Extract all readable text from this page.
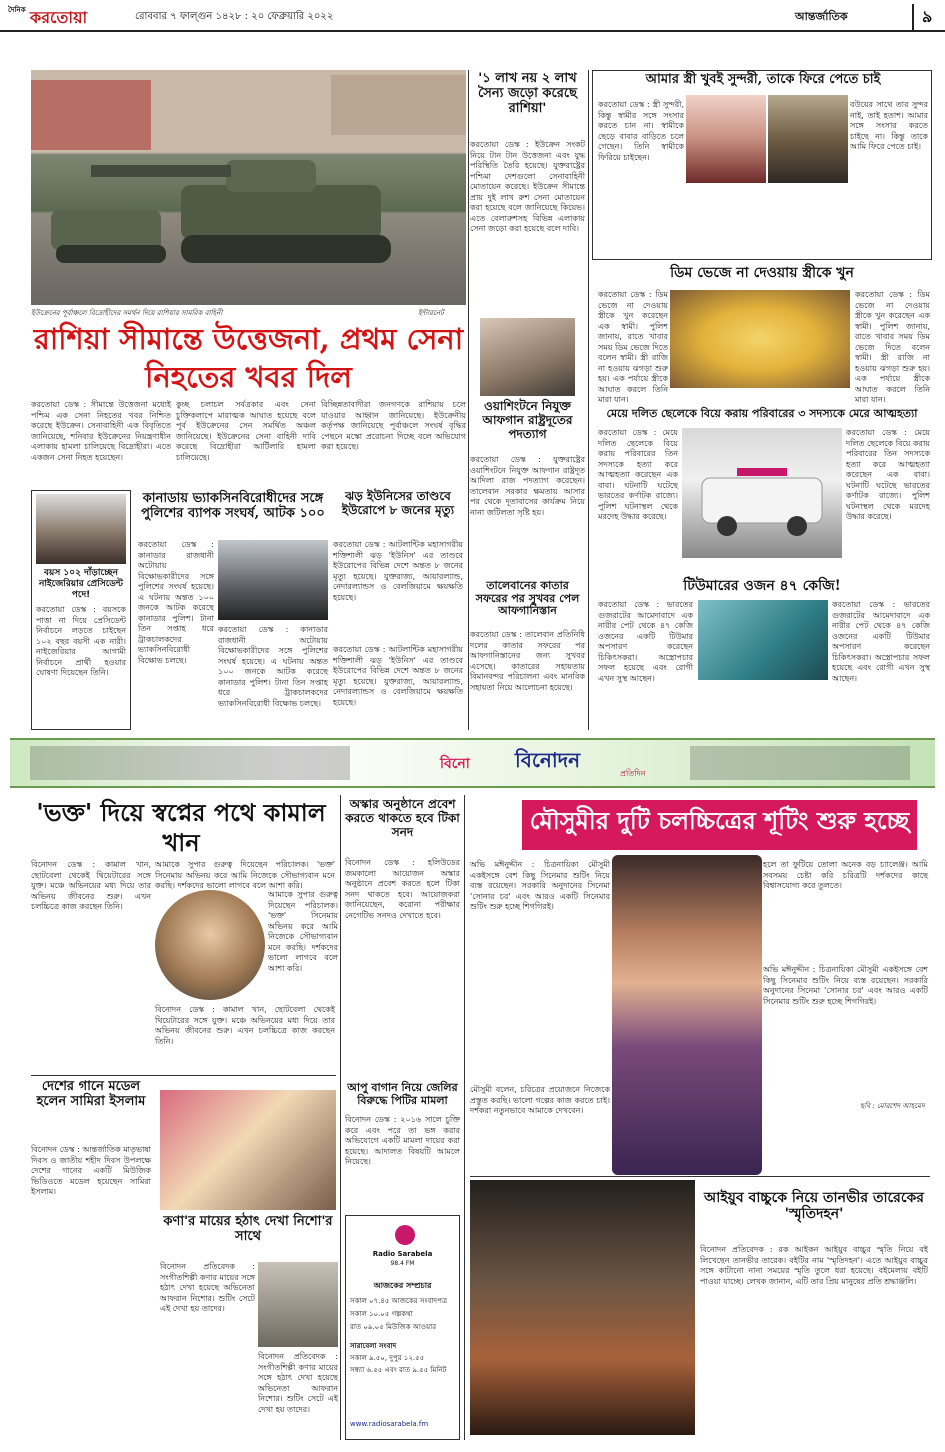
দৈনিক করতোয়া	রোববার ৭ ফাল্গুন ১৪২৮ : ২০ ফেব্রুয়ারি ২০২২	আন্তর্জাতিক	৯
ইউক্রেনের পূর্বাঞ্চলে বিদ্রোহীদের সমর্থন দিয়ে রাশিয়ার সামরিক বাহিনী	ইন্টারনেট
রাশিয়া সীমান্তে উত্তেজনা, প্রথম সেনা নিহতের খবর দিল
করতোয়া ডেস্ক : সীমান্তে উত্তেজনা মধ্যেই পশ্চিম এক সেনা নিহতের খবর নিশ্চিত করেছে ইউক্রেন। সেনাবাহিনী এক বিবৃতিতে জানিয়েছে, শনিবার ইউক্রেনের নিয়ন্ত্রণাধীন এলাকায় হামলা চালিয়েছে বিদ্রোহীরা। এতে একজন সেনা নিহত হয়েছেন।
কুচ্ছ চলাচল সর্বত্রকার এবং সেনা চুক্তিকলাপে মারাত্মক আঘাত হয়েছে বলে পূর্ব ইউক্রেনের সেন সমর্থিত অঞ্চল জানিয়েছে। ইউক্রেনের সেনা বাহিনী দাবি করেছে বিদ্রোহীরা আর্টিলারি হামলা চালিয়েছে।
বিচ্ছিন্নতাবাদীরা জনগণকে রাশিয়ায় চলে যাওয়ার আহ্বান জানিয়েছে। ইউক্রেনীয় কর্তৃপক্ষ জানিয়েছে পূর্বাঞ্চলে সংঘর্ষ বৃদ্ধির পেছনে মস্কো প্ররোচনা দিচ্ছে বলে অভিযোগ করা হয়েছে।
'১ লাখ নয় ২ লাখ সৈন্য জড়ো করেছে রাশিয়া'
করতোয়া ডেস্ক : ইউক্রেন সংকট নিয়ে টান টান উত্তেজনা এবং যুদ্ধ পরিস্থিতি তৈরি হয়েছে। যুক্তরাষ্ট্রের পশ্চিমা দেশগুলো সেনাবাহিনী মোতায়েন করেছে। ইউক্রেন সীমান্তে প্রায় দুই লাখ রুশ সেনা মোতায়েন করা হয়েছে বলে জানিয়েছে কিয়েভ। এতে বেলারুশসহ বিভিন্ন এলাকায় সেনা জড়ো করা হয়েছে বলে দাবি।
ওয়াশিংটনে নিযুক্ত আফগান রাষ্ট্রদূতের পদত্যাগ
করতোয়া ডেস্ক : যুক্তরাষ্ট্রের ওয়াশিংটনে নিযুক্ত আফগান রাষ্ট্রদূত আদিলা রাজ পদত্যাগ করেছেন। তালেবান সরকার ক্ষমতায় আসার পর থেকে দূতাবাসের কার্যক্রম নিয়ে নানা জটিলতা সৃষ্টি হয়।
আমার স্ত্রী খুবই সুন্দরী, তাকে ফিরে পেতে চাই
করতোয়া ডেস্ক : স্ত্রী সুন্দরী, কিন্তু স্বামীর সঙ্গে সংসার করতে চান না। স্বামীকে ছেড়ে বাবার বাড়িতে চলে গেছেন। তিনি স্বামীকে ফিরিয়ে চাইছেন।
বউয়ের সাথে তার সুন্দর নাই, তাই হতাশ। আমার সঙ্গে সংসার করতে চাইছে না। কিন্তু তাকে আমি ফিরে পেতে চাই।
ডিম ভেজে না দেওয়ায় স্ত্রীকে খুন
করতোয়া ডেস্ক : ডিম ভেজে না দেওয়ায় স্ত্রীকে খুন করেছেন এক স্বামী। পুলিশ জানায়, রাতে খাবার সময় ডিম ভেজে দিতে বলেন স্বামী। স্ত্রী রাজি না হওয়ায় ঝগড়া শুরু হয়। এক পর্যায়ে স্ত্রীকে আঘাত করলে তিনি মারা যান।
করতোয়া ডেস্ক : ডিম ভেজে না দেওয়ায় স্ত্রীকে খুন করেছেন এক স্বামী। পুলিশ জানায়, রাতে খাবার সময় ডিম ভেজে দিতে বলেন স্বামী। স্ত্রী রাজি না হওয়ায় ঝগড়া শুরু হয়। এক পর্যায়ে স্ত্রীকে আঘাত করলে তিনি মারা যান।
মেয়ে দলিত ছেলেকে বিয়ে করায় পরিবারের ৩ সদস্যকে মেরে আত্মহত্যা
করতোয়া ডেস্ক : মেয়ে দলিত ছেলেকে বিয়ে করায় পরিবারের তিন সদস্যকে হত্যা করে আত্মহত্যা করেছেন এক বাবা। ঘটনাটি ঘটেছে ভারতের কর্ণাটক রাজ্যে। পুলিশ ঘটনাস্থল থেকে মরদেহ উদ্ধার করেছে।
করতোয়া ডেস্ক : মেয়ে দলিত ছেলেকে বিয়ে করায় পরিবারের তিন সদস্যকে হত্যা করে আত্মহত্যা করেছেন এক বাবা। ঘটনাটি ঘটেছে ভারতের কর্ণাটক রাজ্যে। পুলিশ ঘটনাস্থল থেকে মরদেহ উদ্ধার করেছে।
টিউমারের ওজন ৪৭ কেজি!
করতোয়া ডেস্ক : ভারতের গুজরাটের আমেদাবাদে এক নারীর পেট থেকে ৪৭ কেজি ওজনের একটি টিউমার অপসারণ করেছেন চিকিৎসকরা। অস্ত্রোপচার সফল হয়েছে এবং রোগী এখন সুস্থ আছেন।
করতোয়া ডেস্ক : ভারতের গুজরাটের আমেদাবাদে এক নারীর পেট থেকে ৪৭ কেজি ওজনের একটি টিউমার অপসারণ করেছেন চিকিৎসকরা। অস্ত্রোপচার সফল হয়েছে এবং রোগী এখন সুস্থ আছেন।
বয়স ১০২ দাঁড়াচ্ছেন নাইজেরিয়ার প্রেসিডেন্ট পদে!
করতোয়া ডেস্ক : বয়সকে পাত্তা না দিয়ে প্রেসিডেন্ট নির্বাচনে লড়তে চাইছেন ১০২ বছর বয়সী এক নারী। নাইজেরিয়ার আগামী নির্বাচনে প্রার্থী হওয়ার ঘোষণা দিয়েছেন তিনি।
কানাডায় ভ্যাকসিনবিরোধীদের সঙ্গে পুলিশের ব্যাপক সংঘর্ষ, আটক ১০০
করতোয়া ডেস্ক : কানাডার রাজধানী অটোয়ায় বিক্ষোভকারীদের সঙ্গে পুলিশের সংঘর্ষ হয়েছে। এ ঘটনায় অন্তত ১০০ জনকে আটক করেছে কানাডার পুলিশ। টানা তিন সপ্তাহ ধরে ট্রাকচালকদের ভ্যাকসিনবিরোধী বিক্ষোভ চলছে।
করতোয়া ডেস্ক : কানাডার রাজধানী অটোয়ায় বিক্ষোভকারীদের সঙ্গে পুলিশের সংঘর্ষ হয়েছে। এ ঘটনায় অন্তত ১০০ জনকে আটক করেছে কানাডার পুলিশ। টানা তিন সপ্তাহ ধরে ট্রাকচালকদের ভ্যাকসিনবিরোধী বিক্ষোভ চলছে।
ঝড় ইউনিসের তাণ্ডবে ইউরোপে ৮ জনের মৃত্যু
করতোয়া ডেস্ক : আটলান্টিক মহাসাগরীয় শক্তিশালী ঝড় 'ইউনিস' এর তাণ্ডবে ইউরোপের বিভিন্ন দেশে অন্তত ৮ জনের মৃত্যু হয়েছে। যুক্তরাজ্য, আয়ারল্যান্ড, নেদারল্যান্ডস ও বেলজিয়ামে ক্ষয়ক্ষতি হয়েছে।
তালেবানের কাতার সফরের পর সুখবর পেল আফগানিস্তান
করতোয়া ডেস্ক : তালেবান প্রতিনিধি দলের কাতার সফরের পর আফগানিস্তানের জন্য সুখবর এসেছে। কাতারের সহায়তায় বিমানবন্দর পরিচালনা এবং মানবিক সহায়তা নিয়ে আলোচনা হয়েছে।
করতোয়া ডেস্ক : আটলান্টিক মহাসাগরীয় শক্তিশালী ঝড় 'ইউনিস' এর তাণ্ডবে ইউরোপের বিভিন্ন দেশে অন্তত ৮ জনের মৃত্যু হয়েছে। যুক্তরাজ্য, আয়ারল্যান্ড, নেদারল্যান্ডস ও বেলজিয়ামে ক্ষয়ক্ষতি হয়েছে।
বিনো বিনোদন
প্রতিদিন
'ভক্ত' দিয়ে স্বপ্নের পথে কামাল খান
বিনোদন ডেস্ক : কামাল খান, ছোটবেলা থেকেই থিয়েটারের সঙ্গে যুক্ত। মঞ্চে অভিনয়ের মধ্য দিয়ে তার অভিনয় জীবনের শুরু। এখন চলচ্চিত্রে কাজ করছেন তিনি।
আমাকে সুপার গুরুত্ব দিয়েছেন পরিচালক। 'ভক্ত' সিনেমায় অভিনয় করে আমি নিজেকে সৌভাগ্যবান মনে করছি। দর্শকদের ভালো লাগবে বলে আশা করি।
আমাকে সুপার গুরুত্ব দিয়েছেন পরিচালক। 'ভক্ত' সিনেমায় অভিনয় করে আমি নিজেকে সৌভাগ্যবান মনে করছি। দর্শকদের ভালো লাগবে বলে আশা করি।
বিনোদন ডেস্ক : কামাল খান, ছোটবেলা থেকেই থিয়েটারের সঙ্গে যুক্ত। মঞ্চে অভিনয়ের মধ্য দিয়ে তার অভিনয় জীবনের শুরু। এখন চলচ্চিত্রে কাজ করছেন তিনি।
অস্কার অনুষ্ঠানে প্রবেশ করতে থাকতে হবে টিকা সনদ
বিনোদন ডেস্ক : হলিউডের জমকালো আয়োজন অস্কার অনুষ্ঠানে প্রবেশ করতে হলে টিকা সনদ থাকতে হবে। আয়োজকরা জানিয়েছেন, করোনা পরীক্ষার নেগেটিভ সনদও দেখাতে হবে।
আপু বাগান নিয়ে জেলির বিরুদ্ধে পিটির মামলা
বিনোদন ডেস্ক : ২০১৬ সালে চুক্তি করে এবং পরে তা ভঙ্গ করার অভিযোগে একটি মামলা দায়ের করা হয়েছে। আদালত বিষয়টি আমলে নিয়েছে।
মৌসুমীর দুটি চলচ্চিত্রের শূটিং শুরু হচ্ছে
অভি মঈনুদ্দীন : চিত্রনায়িকা মৌসুমী একইসঙ্গে বেশ কিছু সিনেমার শুটিং নিয়ে ব্যস্ত রয়েছেন। সরকারি অনুদানের সিনেমা 'সোনার চর' এবং আরও একটি সিনেমার শুটিং শুরু হচ্ছে শিগগিরই।
মৌসুমী বলেন, চরিত্রের প্রয়োজনে নিজেকে প্রস্তুত করছি। ভালো গল্পের কাজ করতে চাই। দর্শকরা নতুনভাবে আমাকে দেখবেন।
হলে তা ফুটিয়ে তোলা অনেক বড় চ্যালেঞ্জ। আমি সবসময় চেষ্টা করি চরিত্রটি দর্শকদের কাছে বিশ্বাসযোগ্য করে তুলতে।
অভি মঈনুদ্দীন : চিত্রনায়িকা মৌসুমী একইসঙ্গে বেশ কিছু সিনেমার শুটিং নিয়ে ব্যস্ত রয়েছেন। সরকারি অনুদানের সিনেমা 'সোনার চর' এবং আরও একটি সিনেমার শুটিং শুরু হচ্ছে শিগগিরই।
ছবি : মোরশেদ আহমেদ
দেশের গানে মডেল হলেন সামিরা ইসলাম
বিনোদন ডেস্ক : আন্তর্জাতিক মাতৃভাষা দিবস ও জাতীয় শহীদ দিবস উপলক্ষে দেশের গানের একটি মিউজিক ভিডিওতে মডেল হয়েছেন সামিরা ইসলাম।
কণা'র মায়ের হঠাৎ দেখা নিশো'র সাথে
বিনোদন প্রতিবেদক : সংগীতশিল্পী কণার মায়ের সঙ্গে হঠাৎ দেখা হয়েছে অভিনেতা আফরান নিশোর। শুটিং সেটে এই দেখা হয় তাদের।
বিনোদন প্রতিবেদক : সংগীতশিল্পী কণার মায়ের সঙ্গে হঠাৎ দেখা হয়েছে অভিনেতা আফরান নিশোর। শুটিং সেটে এই দেখা হয় তাদের।
Radio Sarabela
98.4 FM
আজকের সম্প্রচার
সকাল ০৭.৪৫ আজকের সংবাদপত্র
সকাল ১০.০৫ গল্পকথা
রাত ০৯.০৫ মিউজিক আওয়ার
সারাবেলা সংবাদ
সকাল ৯.৫০, দুপুর ১২.৫৫
সন্ধ্যা ৬.৫৫ এবং রাত ৯.৫৫ মিনিট
www.radiosarabela.fm
আইয়ুব বাচ্চুকে নিয়ে তানভীর তারেকের 'স্মৃতিদহন'
বিনোদন প্রতিবেদক : রক আইকন আইয়ুব বাচ্চুর স্মৃতি নিয়ে বই লিখেছেন তানভীর তারেক। বইটির নাম 'স্মৃতিদহন'। এতে আইয়ুব বাচ্চুর সঙ্গে কাটানো নানা সময়ের স্মৃতি তুলে ধরা হয়েছে। বইমেলায় বইটি পাওয়া যাচ্ছে। লেখক জানান, এটি তার প্রিয় মানুষের প্রতি শ্রদ্ধাঞ্জলি।
